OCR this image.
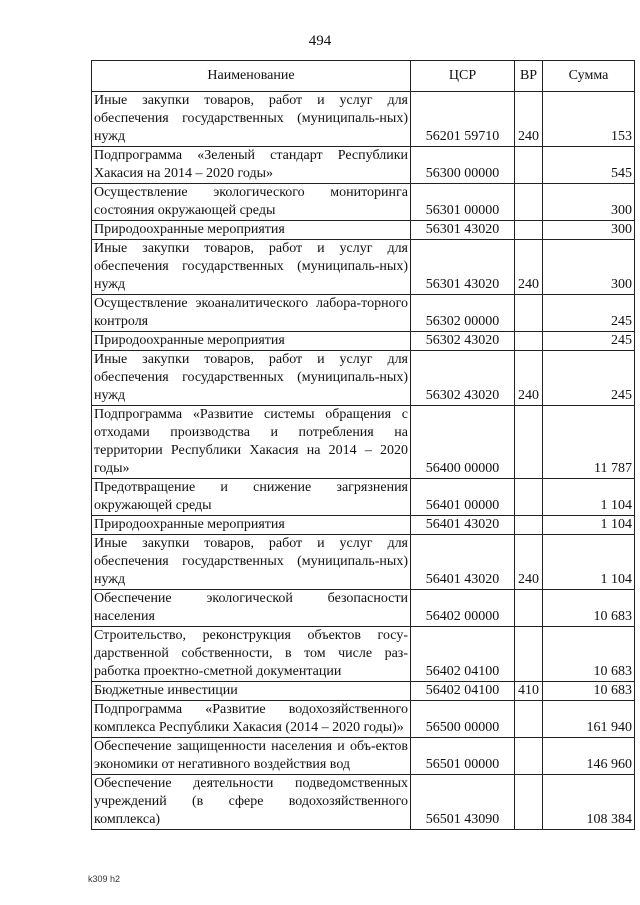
494
Наименование	ЦСР	ВР	Сумма
Иные закупки товаров, работ и услуг для обеспечения государственных (муниципаль-ных) нужд	56201 59710	240	153
Подпрограмма «Зеленый стандарт Республики Хакасия на 2014 – 2020 годы»	56300 00000		545
Осуществление экологического мониторинга состояния окружающей среды	56301 00000		300
Природоохранные мероприятия	56301 43020		300
Иные закупки товаров, работ и услуг для обеспечения государственных (муниципаль-ных) нужд	56301 43020	240	300
Осуществление экоаналитического лабора-торного контроля	56302 00000		245
Природоохранные мероприятия	56302 43020		245
Иные закупки товаров, работ и услуг для обеспечения государственных (муниципаль-ных) нужд	56302 43020	240	245
Подпрограмма «Развитие системы обращения с отходами производства и потребления на территории Республики Хакасия на 2014 – 2020 годы»	56400 00000		11 787
Предотвращение и снижение загрязнения окружающей среды	56401 00000		1 104
Природоохранные мероприятия	56401 43020		1 104
Иные закупки товаров, работ и услуг для обеспечения государственных (муниципаль-ных) нужд	56401 43020	240	1 104
Обеспечение экологической безопасности населения	56402 00000		10 683
Строительство, реконструкция объектов госу-дарственной собственности, в том числе раз-работка проектно-сметной документации	56402 04100		10 683
Бюджетные инвестиции	56402 04100	410	10 683
Подпрограмма «Развитие водохозяйственного комплекса Республики Хакасия (2014 – 2020 годы)»	56500 00000		161 940
Обеспечение защищенности населения и объ-ектов экономики от негативного воздействия вод	56501 00000		146 960
Обеспечение деятельности подведомственных учреждений (в сфере водохозяйственного комплекса)	56501 43090		108 384
k309 h2
